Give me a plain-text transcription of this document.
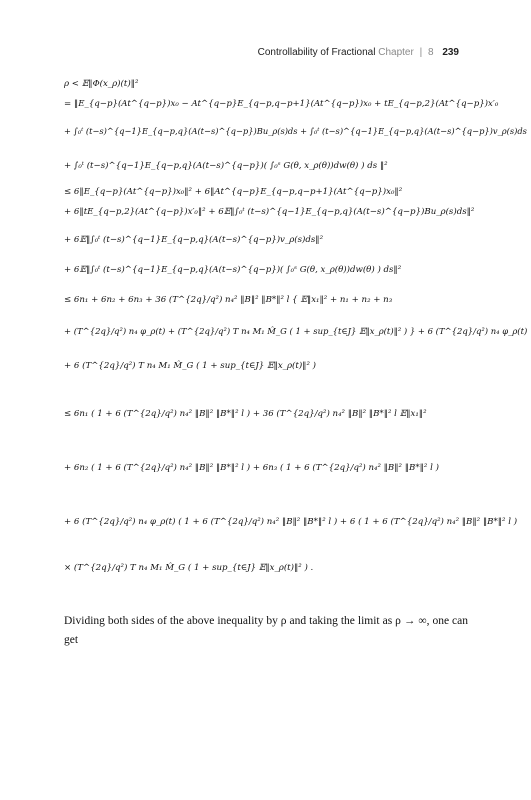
Controllability of Fractional Chapter | 8 239
ρ < 𝔼‖Φ(x_ρ)(t)‖²
= ‖E_{q−p}(At^{q−p})x₀ − At^{q−p}E_{q−p,q−p+1}(At^{q−p})x₀ + tE_{q−p,2}(At^{q−p})x′₀
+ ∫₀ᵗ (t−s)^{q−1}E_{q−p,q}(A(t−s)^{q−p})Bu_ρ(s)ds + ∫₀ᵗ (t−s)^{q−1}E_{q−p,q}(A(t−s)^{q−p})v_ρ(s)ds
+ ∫₀ᵗ (t−s)^{q−1}E_{q−p,q}(A(t−s)^{q−p})( ∫₀ˢ G(θ, x_ρ(θ))dw(θ) ) ds ‖²
≤ 6‖E_{q−p}(At^{q−p})x₀‖² + 6‖At^{q−p}E_{q−p,q−p+1}(At^{q−p})x₀‖²
+ 6‖tE_{q−p,2}(At^{q−p})x′₀‖² + 6𝔼‖∫₀ᵗ (t−s)^{q−1}E_{q−p,q}(A(t−s)^{q−p})Bu_ρ(s)ds‖²
+ 6𝔼‖∫₀ᵗ (t−s)^{q−1}E_{q−p,q}(A(t−s)^{q−p})v_ρ(s)ds‖²
+ 6𝔼‖∫₀ᵗ (t−s)^{q−1}E_{q−p,q}(A(t−s)^{q−p})( ∫₀ˢ G(θ, x_ρ(θ))dw(θ) ) ds‖²
≤ 6n₁ + 6n₂ + 6n₃ + 36 (T^{2q}/q²) n₄² ‖B‖² ‖B*‖² l { 𝔼‖x₁‖² + n₁ + n₂ + n₃
+ (T^{2q}/q²) n₄ φ_ρ(t) + (T^{2q}/q²) T n₄ M₁ M̂_G ( 1 + sup_{t∈J} 𝔼‖x_ρ(t)‖² ) } + 6 (T^{2q}/q²) n₄ φ_ρ(t)
+ 6 (T^{2q}/q²) T n₄ M₁ M̂_G ( 1 + sup_{t∈J} 𝔼‖x_ρ(t)‖² )
≤ 6n₁ ( 1 + 6 (T^{2q}/q²) n₄² ‖B‖² ‖B*‖² l ) + 36 (T^{2q}/q²) n₄² ‖B‖² ‖B*‖² l 𝔼‖x₁‖²
+ 6n₂ ( 1 + 6 (T^{2q}/q²) n₄² ‖B‖² ‖B*‖² l ) + 6n₃ ( 1 + 6 (T^{2q}/q²) n₄² ‖B‖² ‖B*‖² l )
+ 6 (T^{2q}/q²) n₄ φ_ρ(t) ( 1 + 6 (T^{2q}/q²) n₄² ‖B‖² ‖B*‖² l ) + 6 ( 1 + 6 (T^{2q}/q²) n₄² ‖B‖² ‖B*‖² l )
× (T^{2q}/q²) T n₄ M₁ M̂_G ( 1 + sup_{t∈J} 𝔼‖x_ρ(t)‖² ) .
Dividing both sides of the above inequality by ρ and taking the limit as ρ → ∞, one can get
